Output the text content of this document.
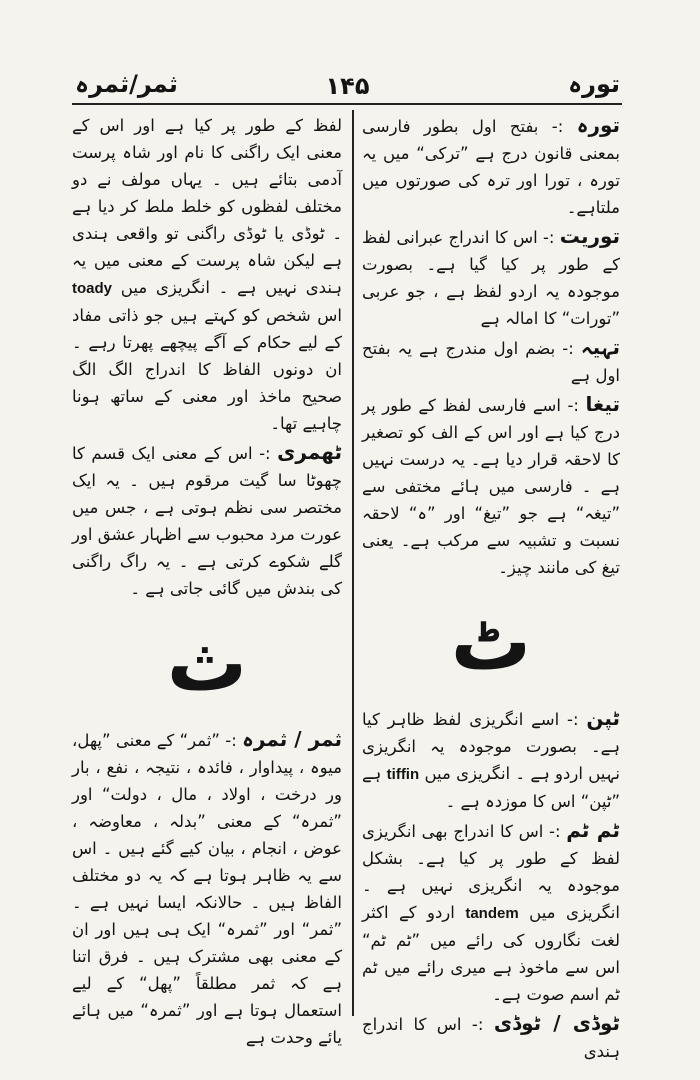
ثمر/ثمرہ	۱۴۵	تورہ

تورہ :- بفتح اول بطور فارسی بمعنی قانون درج ہے ”ترکی“ میں یہ تورہ ، تورا اور ترہ کی صورتوں میں ملتاہے۔

توریت :- اس کا اندراج عبرانی لفظ کے طور پر کیا گیا ہے۔ بصورت موجودہ یہ اردو لفظ ہے ، جو عربی ”تورات“ کا امالہ ہے

تہیہ :- بضم اول مندرج ہے یہ بفتح اول ہے

تیغا :- اسے فارسی لفظ کے طور پر درج کیا ہے اور اس کے الف کو تصغیر کا لاحقہ قرار دیا ہے۔ یہ درست نہیں ہے ۔ فارسی میں ہائے مختفی سے ”تیغہ“ ہے جو ”تیغ“ اور ”ہ“ لاحقہ نسبت و تشبیہ سے مرکب ہے۔ یعنی تیغ کی مانند چیز۔

ٹ

ٹپن :- اسے انگریزی لفظ ظاہر کیا ہے۔ بصورت موجودہ یہ انگریزی نہیں اردو ہے ۔ انگریزی میں tiffin ہے ”ٹپن“ اس کا موزدہ ہے ۔

ٹم ٹم :- اس کا اندراج بھی انگریزی لفظ کے طور پر کیا ہے۔ بشکل موجودہ یہ انگریزی نہیں ہے ۔ انگریزی میں tandem اردو کے اکثر لغت نگاروں کی رائے میں ”ٹم ٹم“ اس سے ماخوذ ہے میری رائے میں ٹم ٹم اسم صوت ہے۔

ٹوڈی / ٹوڈی :- اس کا اندراج ہندی

لفظ کے طور پر کیا ہے اور اس کے معنی ایک راگنی کا نام اور شاہ پرست آدمی بتائے ہیں ۔ یہاں مولف نے دو مختلف لفظوں کو خلط ملط کر دیا ہے ۔ ٹوڈی یا ٹوڈی راگنی تو واقعی ہندی ہے لیکن شاہ پرست کے معنی میں یہ ہندی نہیں ہے ۔ انگریزی میں toady اس شخص کو کہتے ہیں جو ذاتی مفاد کے لیے حکام کے آگے پیچھے پھرتا رہے ۔ ان دونوں الفاظ کا اندراج الگ الگ صحیح ماخذ اور معنی کے ساتھ ہونا چاہیے تھا۔

ٹھمری :- اس کے معنی ایک قسم کا چھوٹا سا گیت مرقوم ہیں ۔ یہ ایک مختصر سی نظم ہوتی ہے ، جس میں عورت مرد محبوب سے اظہار عشق اور گلے شکوے کرتی ہے ۔ یہ راگ راگنی کی بندش میں گائی جاتی ہے ۔

ث

ثمر / ثمرہ :- ”ثمر“ کے معنی ”پھل، میوہ ، پیداوار ، فائدہ ، نتیجہ ، نفع ، بار ور درخت ، اولاد ، مال ، دولت“ اور ”ثمرہ“ کے معنی ”بدلہ ، معاوضہ ، عوض ، انجام ، بیان کیے گئے ہیں ۔ اس سے یہ ظاہر ہوتا ہے کہ یہ دو مختلف الفاظ ہیں ۔ حالانکہ ایسا نہیں ہے ۔ ”ثمر“ اور ”ثمرہ“ ایک ہی ہیں اور ان کے معنی بھی مشترک ہیں ۔ فرق اتنا ہے کہ ثمر مطلقاً ”پھل“ کے لیے استعمال ہوتا ہے اور ”ثمرہ“ میں ہائے یائے وحدت ہے
